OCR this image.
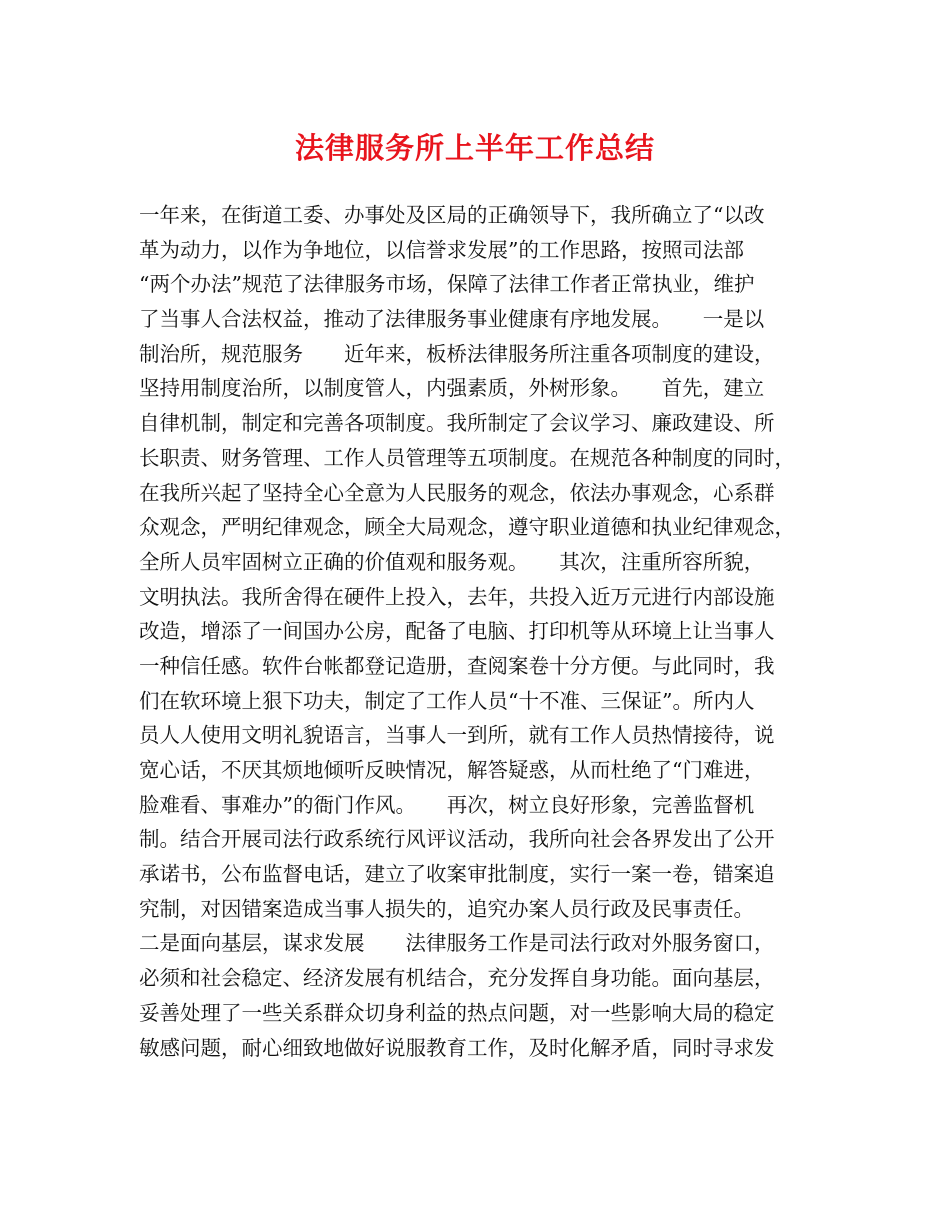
法律服务所上半年工作总结
一年来，在街道工委、办事处及区局的正确领导下，我所确立了“以改
革为动力，以作为争地位，以信誉求发展”的工作思路，按照司法部
“两个办法”规范了法律服务市场，保障了法律工作者正常执业，维护
了当事人合法权益，推动了法律服务事业健康有序地发展。　　一是以
制治所，规范服务　　近年来，板桥法律服务所注重各项制度的建设，
坚持用制度治所，以制度管人，内强素质，外树形象。　　首先，建立
自律机制，制定和完善各项制度。我所制定了会议学习、廉政建设、所
长职责、财务管理、工作人员管理等五项制度。在规范各种制度的同时，
在我所兴起了坚持全心全意为人民服务的观念，依法办事观念，心系群
众观念，严明纪律观念，顾全大局观念，遵守职业道德和执业纪律观念，
全所人员牢固树立正确的价值观和服务观。　　其次，注重所容所貌，
文明执法。我所舍得在硬件上投入，去年，共投入近万元进行内部设施
改造，增添了一间国办公房，配备了电脑、打印机等从环境上让当事人
一种信任感。软件台帐都登记造册，查阅案卷十分方便。与此同时，我
们在软环境上狠下功夫，制定了工作人员“十不准、三保证”。所内人
员人人使用文明礼貌语言，当事人一到所，就有工作人员热情接待，说
宽心话，不厌其烦地倾听反映情况，解答疑惑，从而杜绝了“门难进，
脸难看、事难办”的衙门作风。　　再次，树立良好形象，完善监督机
制。结合开展司法行政系统行风评议活动，我所向社会各界发出了公开
承诺书，公布监督电话，建立了收案审批制度，实行一案一卷，错案追
究制，对因错案造成当事人损失的，追究办案人员行政及民事责任。
二是面向基层，谋求发展　　法律服务工作是司法行政对外服务窗口，
必须和社会稳定、经济发展有机结合，充分发挥自身功能。面向基层，
妥善处理了一些关系群众切身利益的热点问题，对一些影响大局的稳定
敏感问题，耐心细致地做好说服教育工作，及时化解矛盾，同时寻求发
